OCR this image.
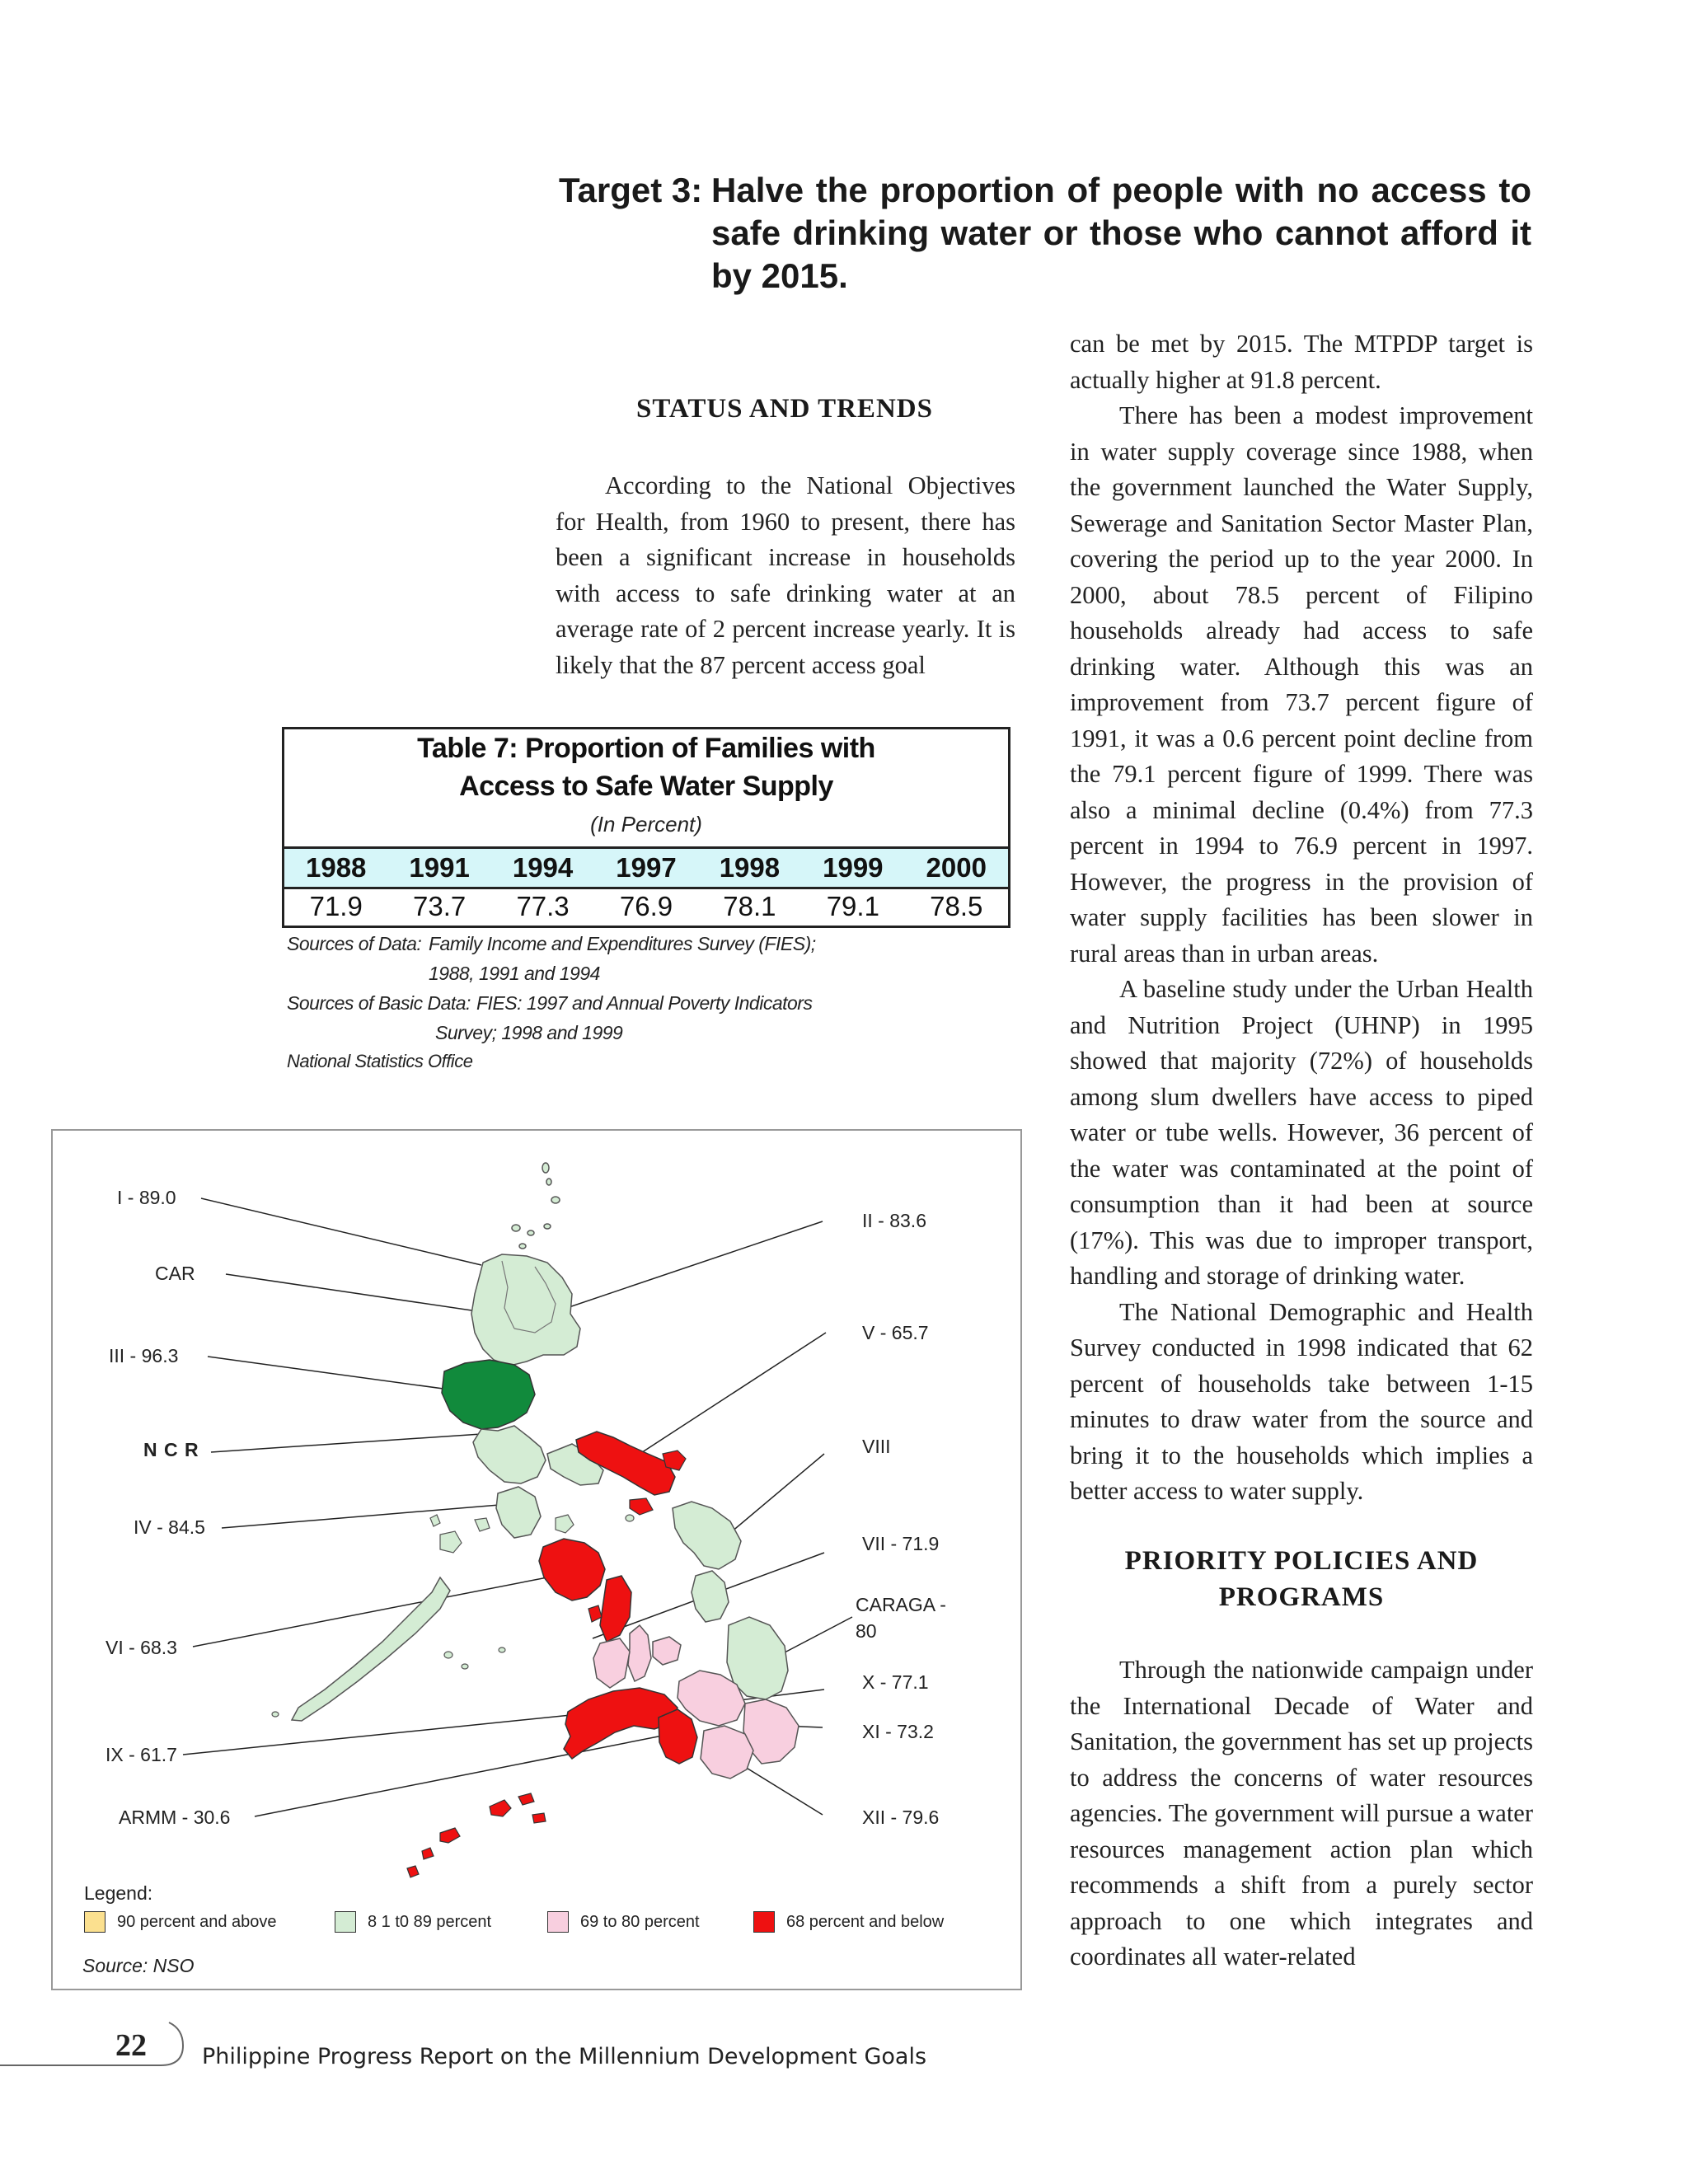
Target 3: Halve the proportion of people with no access to safe drinking water or those who cannot afford it by 2015.
STATUS AND TRENDS

According to the National Objectives for Health, from 1960 to present, there has been a significant increase in households with access to safe drinking water at an average rate of 2 percent increase yearly. It is likely that the 87 percent access goal

can be met by 2015. The MTPDP target is actually higher at 91.8 percent.

There has been a modest improvement in water supply coverage since 1988, when the government launched the Water Supply, Sewerage and Sanitation Sector Master Plan, covering the period up to the year 2000. In 2000, about 78.5 percent of Filipino households already had access to safe drinking water. Although this was an improvement from 73.7 percent figure of 1991, it was a 0.6 percent point decline from the 79.1 percent figure of 1999. There was also a minimal decline (0.4%) from 77.3 percent in 1994 to 76.9 percent in 1997. However, the progress in the provision of water supply facilities has been slower in rural areas than in urban areas.

A baseline study under the Urban Health and Nutrition Project (UHNP) in 1995 showed that majority (72%) of households among slum dwellers have access to piped water or tube wells. However, 36 percent of the water was contaminated at the point of consumption than it had been at source (17%). This was due to improper transport, handling and storage of drinking water.

The National Demographic and Health Survey conducted in 1998 indicated that 62 percent of households take between 1-15 minutes to draw water from the source and bring it to the households which implies a better access to water supply.

PRIORITY POLICIES AND
PROGRAMS

Through the nationwide campaign under the International Decade of Water and Sanitation, the government has set up projects to address the concerns of water resources agencies. The government will pursue a water resources management action plan which recommends a shift from a purely sector approach to one which integrates and coordinates all water-related

Table 7: Proportion of Families with
Access to Safe Water Supply
(In Percent)
1988	1991	1994	1997	1998	1999	2000
71.9	73.7	77.3	76.9	78.1	79.1	78.5
Sources of Data: Family Income and Expenditures Survey (FIES);
1988, 1991 and 1994
Sources of Basic Data: FIES: 1997 and Annual Poverty Indicators
Survey; 1998 and 1999
National Statistics Office
I - 89.0
CAR
III - 96.3
N C R
IV - 84.5
VI - 68.3
IX - 61.7
ARMM - 30.6
II - 83.6
V - 65.7
VIII
VII - 71.9
CARAGA -
80
X - 77.1
XI - 73.2
XII - 79.6
Legend:
90 percent and above	8 1 t0 89 percent	69 to 80 percent	68 percent and below
Source: NSO
22 Philippine Progress Report on the Millennium Development Goals
